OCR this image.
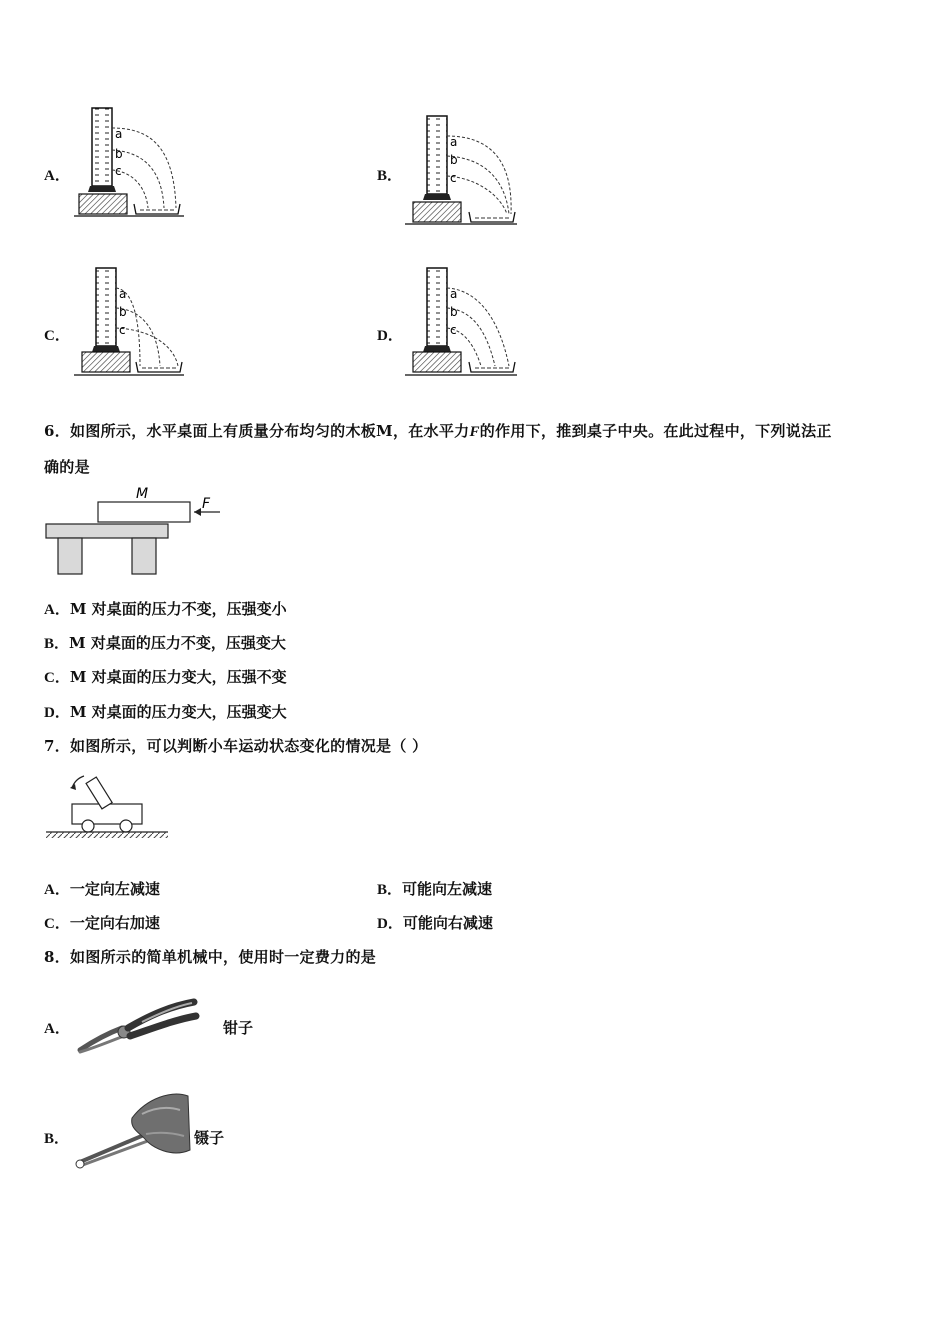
A．
a
b
c	B．
a
b
c
C．
a
b
c	D．
a
b
c
6．如图所示，水平桌面上有质量分布均匀的木板M，在水平力F的作用下，推到桌子中央。在此过程中，下列说法正
确的是
M
F
A．M 对桌面的压力不变，压强变小
B．M 对桌面的压力不变，压强变大
C．M 对桌面的压力变大，压强不变
D．M 对桌面的压力变大，压强变大
7．如图所示，可以判断小车运动状态变化的情况是（ ）
A．一定向左减速	B．可能向左减速
C．一定向右加速	D．可能向右减速
8．如图所示的简单机械中，使用时一定费力的是
A．	钳子
B．	镊子
